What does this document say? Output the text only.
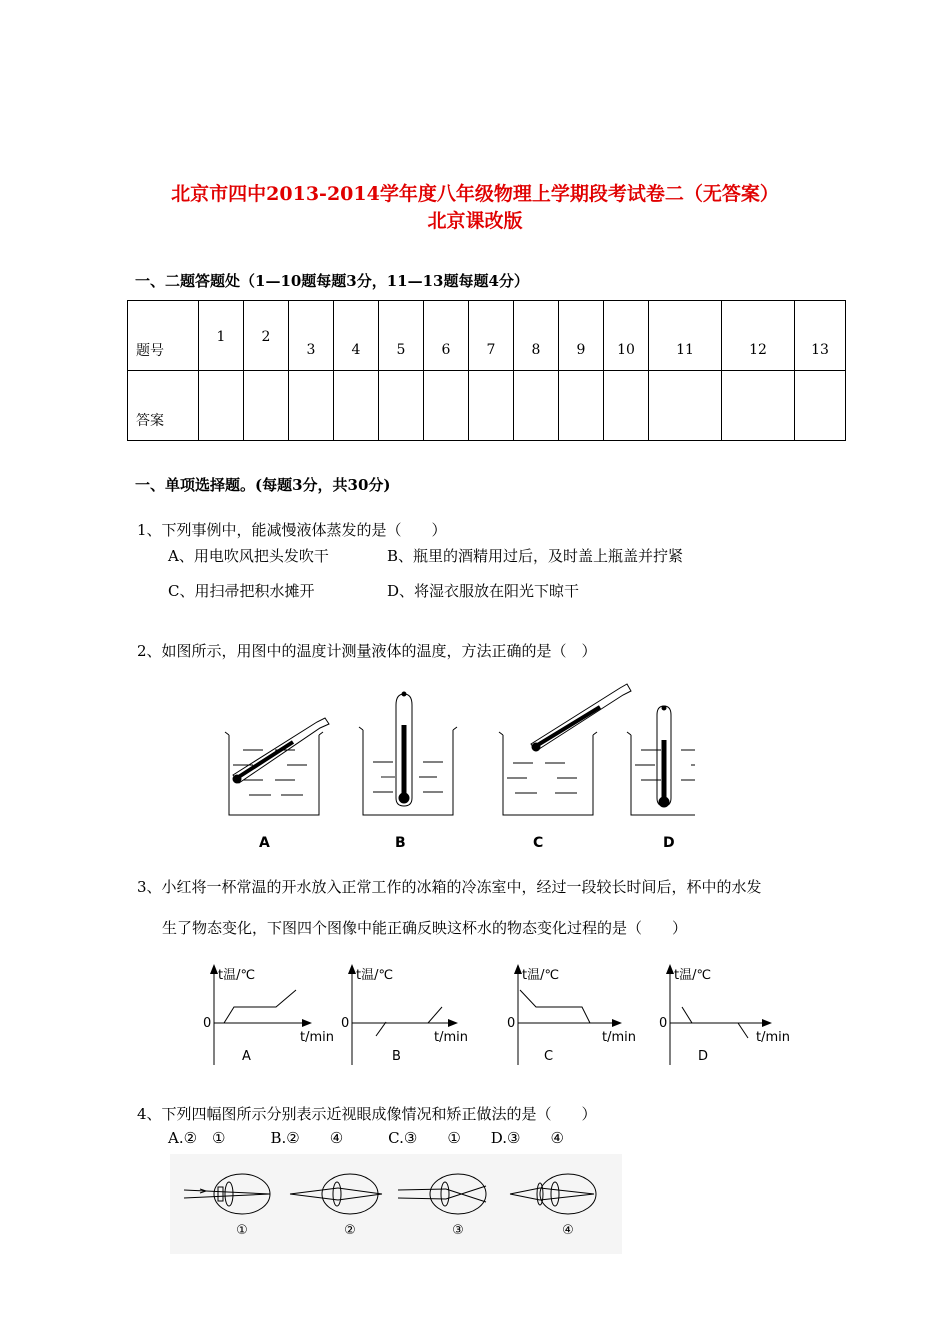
北京市四中2013-2014学年度八年级物理上学期段考试卷二（无答案）
北京课改版
一、二题答题处（1—10题每题3分，11—13题每题4分）
题号	1	2	3	4	5	6	7	8	9	10	11	12	13
答案													
一、单项选择题。(每题3分，共30分)
1、下列事例中，能减慢液体蒸发的是（　　）
A、用电吹风把头发吹干	B、瓶里的酒精用过后，及时盖上瓶盖并拧紧
C、用扫帚把积水摊开	D、将湿衣服放在阳光下晾干
2、如图所示，用图中的温度计测量液体的温度，方法正确的是（　）
A	B	C	D
3、小红将一杯常温的开水放入正常工作的冰箱的冷冻室中，经过一段较长时间后，杯中的水发
生了物态变化，下图四个图像中能正确反映这杯水的物态变化过程的是（　　）
t温/℃
0
t/min
A
t温/℃
0
t/min
B
t温/℃
0
t/min
C
t温/℃
0
t/min
D
4、下列四幅图所示分别表示近视眼成像情况和矫正做法的是（　　）
A.②　①　　　B.②　　④　　　C.③　　①　　D.③　　④
①	②	③	④
